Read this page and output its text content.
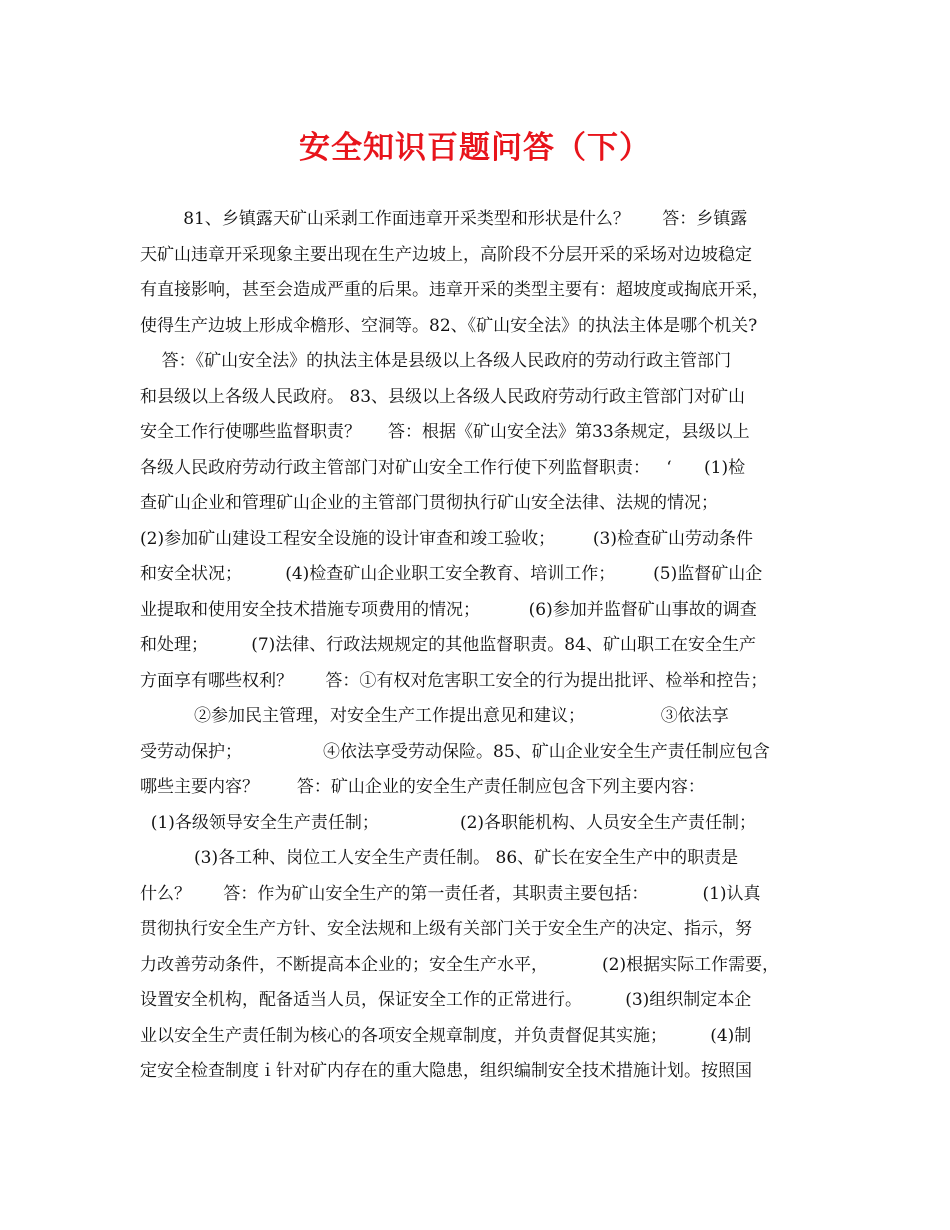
安全知识百题问答（下）
81、乡镇露天矿山采剥工作面违章开采类型和形状是什么？      答：乡镇露
天矿山违章开采现象主要出现在生产边坡上，高阶段不分层开采的采场对边坡稳定
有直接影响，甚至会造成严重的后果。违章开采的类型主要有：超坡度或掏底开采，
使得生产边坡上形成伞檐形、空洞等。82、《矿山安全法》的执法主体是哪个机关?
答：《矿山安全法》的执法主体是县级以上各级人民政府的劳动行政主管部门
和县级以上各级人民政府。 83、县级以上各级人民政府劳动行政主管部门对矿山
安全工作行使哪些监督职责？     答：根据《矿山安全法》第33条规定，县级以上
各级人民政府劳动行政主管部门对矿山安全工作行使下列监督职责：   ‘      (1)检
查矿山企业和管理矿山企业的主管部门贯彻执行矿山安全法律、法规的情况；
(2)参加矿山建设工程安全设施的设计审查和竣工验收；       (3)检查矿山劳动条件
和安全状况；        (4)检查矿山企业职工安全教育、培训工作；       (5)监督矿山企
业提取和使用安全技术措施专项费用的情况；         (6)参加并监督矿山事故的调查
和处理；        (7)法律、行政法规规定的其他监督职责。84、矿山职工在安全生产
方面享有哪些权利？      答：①有权对危害职工安全的行为提出批评、检举和控告；
②参加民主管理，对安全生产工作提出意见和建议；              ③依法享
受劳动保护；               ④依法享受劳动保险。85、矿山企业安全生产责任制应包含
哪些主要内容？       答：矿山企业的安全生产责任制应包含下列主要内容：
(1)各级领导安全生产责任制；               (2)各职能机构、人员安全生产责任制；
(3)各工种、岗位工人安全生产责任制。 86、矿长在安全生产中的职责是
什么？      答：作为矿山安全生产的第一责任者，其职责主要包括：          (1)认真
贯彻执行安全生产方针、安全法规和上级有关部门关于安全生产的决定、指示，努
力改善劳动条件，不断提高本企业的；安全生产水平，          (2)根据实际工作需要，
设置安全机构，配备适当人员，保证安全工作的正常进行。        (3)组织制定本企
业以安全生产责任制为核心的各项安全规章制度，并负责督促其实施；        (4)制
定安全检查制度ｉ针对矿内存在的重大隐患，组织编制安全技术措施计划。按照国
